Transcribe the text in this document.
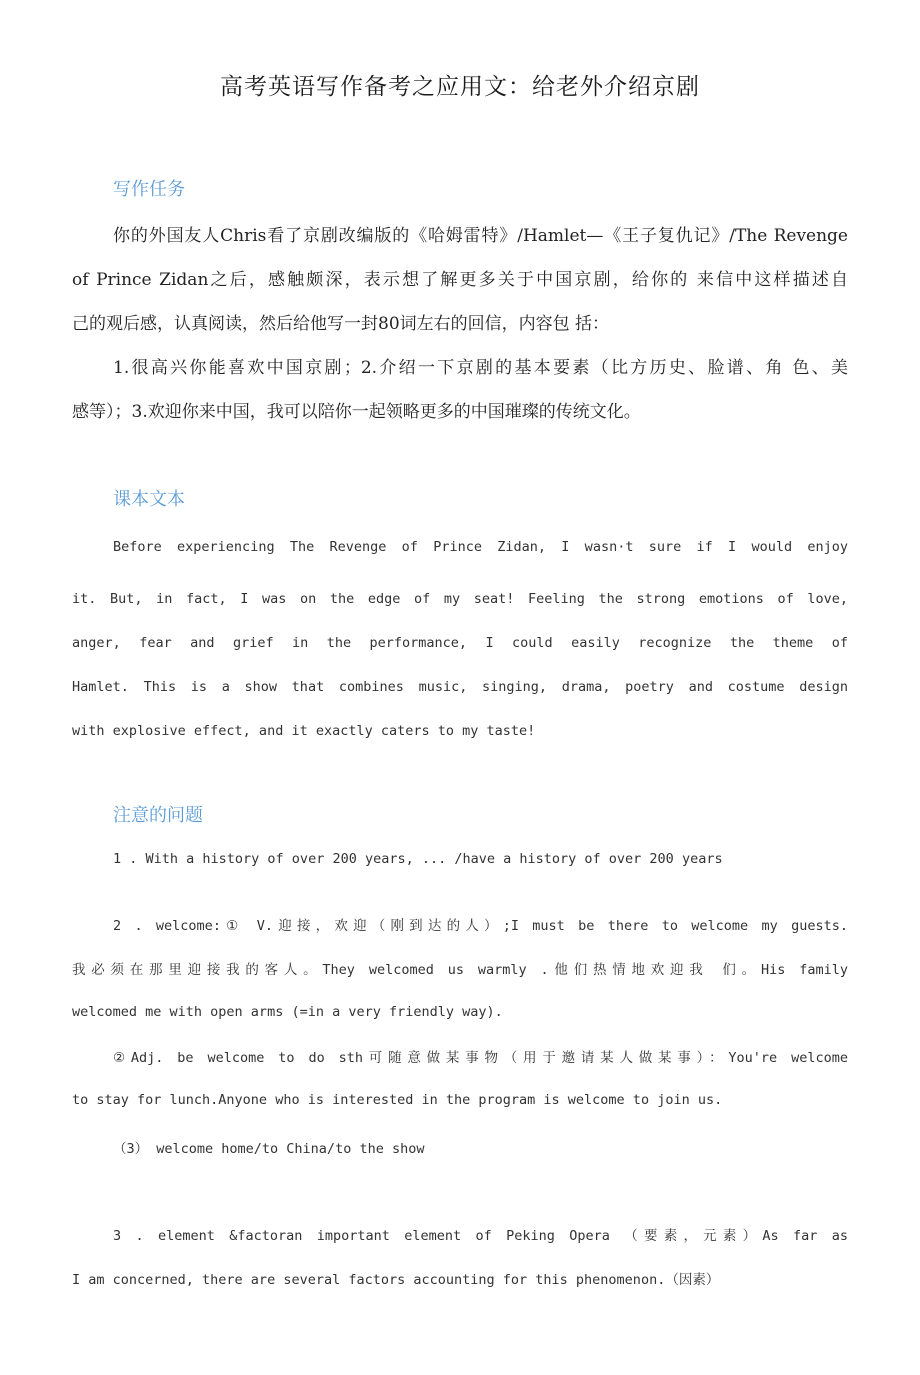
高考英语写作备考之应用文：给老外介绍京剧
写作任务
你的外国友人Chris看了京剧改编版的《哈姆雷特》/Hamlet—《王子复仇记》/The Revenge
of Prince Zidan之后，感触颇深，表示想了解更多关于中国京剧，给你的 来信中这样描述自
己的观后感，认真阅读，然后给他写一封80词左右的回信，内容包 括：
1.很高兴你能喜欢中国京剧；2.介绍一下京剧的基本要素（比方历史、脸谱、角 色、美
感等）；3.欢迎你来中国，我可以陪你一起领略更多的中国璀璨的传统文化。
课本文本
Before experiencing The Revenge of Prince Zidan, I wasn·t sure if I would enjoy
it. But, in fact, I was on the edge of my seat! Feeling the strong emotions of love,
anger, fear and grief in the performance, I could easily recognize the theme of
Hamlet. This is a show that combines music, singing, drama, poetry and costume design
with explosive effect, and it exactly caters to my taste!
注意的问题
1 . With a history of over 200 years, ... /have a history of over 200 years
2 . welcome:① V.迎接，欢迎（刚到达的人）;I must be there to welcome my guests.
我必须在那里迎接我的客人。They welcomed us warmly .他们热情地欢迎我 们。His family
welcomed me with open arms (=in a very friendly way).
②Adj. be welcome to do sth可随意做某事物（用于邀请某人做某事）：You're welcome
to stay for lunch.Anyone who is interested in the program is welcome to join us.
（3） welcome home/to China/to the show
3 . element &factoran important element of Peking Opera （要素，元素）As far as
I am concerned, there are several factors accounting for this phenomenon.（因素）
